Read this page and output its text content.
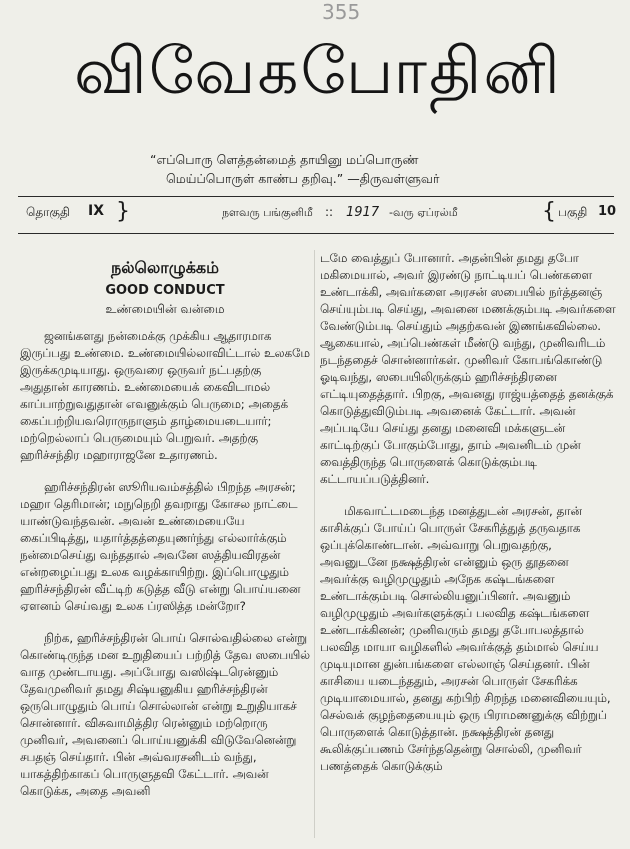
355
விவேகபோதினி
“எப்பொரு ளெத்தன்மைத் தாயினு மப்பொருண்
மெய்ப்பொருள் காண்ப தறிவு.” —திருவள்ளுவர்
தொகுதி IX }	நளவரு பங்குனிமீ :: 1917 -வரு ஏப்ரல்மீ	{ பகுதி 10
நல்லொழுக்கம்
GOOD CONDUCT
உண்மையின் வன்மை

ஜனங்களது நன்மைக்கு முக்கிய ஆதாரமாக இருப்பது உண்மை. உண்மையில்லாவிட்டால் உலகமே இருக்கமுடியாது. ஒருவரை ஒருவர் நட்பதற்கு அதுதான் காரணம். உண்மையைக் கைவிடாமல் காப்பாற்றுவதுதான் எவனுக்கும் பெருமை; அதைக் கைப்பற்றியவரொருநாளும் தாழ்மையடையார்; மற்றெல்லாப் பெருமையும் பெறுவர். அதற்கு ஹரிச்சந்திர மஹாராஜனே உதாரணம்.

ஹரிச்சந்திரன் ஸூரியவம்சத்தில் பிறந்த அரசன்; மஹா தெரிமான்; மநுநெறி தவறாது கோசல நாட்டை யாண்டுவந்தவன். அவன் உண்மையையே கைப்பிடித்து, யதார்த்தத்தையுணர்ந்து எல்லார்க்கும் நன்மைசெய்து வந்ததால் அவனே ஸத்தியவிரதன் என்றழைப்பது உலக வழக்காயிற்று. இப்பொழுதும் ஹரிச்சந்திரன் வீட்டிற் கடுத்த வீடு என்று பொய்யனை ஏளனம் செய்வது உலக ப்ரஸித்த மன்றோ?

நிற்க, ஹரிச்சந்திரன் பொய் சொல்வதில்லை என்று கொண்டிருந்த மன உறுதியைப் பற்றித் தேவ ஸபையில் வாத முண்டாயது. அப்போது வஸிஷ்டரென்னும் தேவமுனிவர் தமது சிஷ்யனுகிய ஹரிச்சந்திரன் ஒருபொழுதும் பொய் சொல்லான் என்று உறுதியாகச் சொன்னார். விசுவாமித்திர ரென்னும் மற்றொரு முனிவர், அவனைப் பொய்யனுக்கி விடுவேனென்று சபதஞ் செய்தார். பின் அவ்வரசனிடம் வந்து, யாகத்திற்காகப் பொருளுதவி கேட்டார். அவன் கொடுக்க, அதை அவனி

டமே வைத்துப் போனார். அதன்பின் தமது தபோ மகிமையால், அவர் இரண்டு நாட்டியப் பெண்களை உண்டாக்கி, அவர்களை அரசன் ஸபையில் நர்த்தனஞ் செய்யும்படி செய்து, அவனை மணக்கும்படி அவர்களை வேண்டும்படி செய்தும் அதற்கவன் இணங்கவில்லை. ஆகையால், அப்பெண்கள் மீண்டு வந்து, முனிவரிடம் நடந்ததைச் சொன்னார்கள். முனிவர் கோபங்கொண்டு ஓடிவந்து, ஸபையிலிருக்கும் ஹரிச்சந்திரனை எட்டியுதைத்தார். பிறகு, அவனது ராஜ்யத்தைத் தனக்குக் கொடுத்துவிடும்படி அவனைக் கேட்டார். அவன் அப்படியே செய்து தனது மனைவி மக்களுடன் காட்டிற்குப் போகும்போது, தாம் அவனிடம் முன் வைத்திருந்த பொருளைக் கொடுக்கும்படி கட்டாயப்படுத்தினர்.

மிகவாட்டமடைந்த மனத்துடன் அரசன், தான் காசிக்குப் போய்ப் பொருள் சேகரித்துத் தருவதாக ஒப்புக்கொண்டான். அவ்வாறு பெறுவதற்கு, அவனுடனே நக்ஷத்திரன் என்னும் ஒரு தூதனை அவர்க்கு வழிமுழுதும் அநேக கஷ்டங்களை உண்டாக்கும்படி சொல்லியனுப்பினர். அவனும் வழிமுழுதும் அவர்களுக்குப் பலவித கஷ்டங்களை உண்டாக்கினன்; முனிவரும் தமது தபோபலத்தால் பலவித மாயா வழிகளில் அவர்க்குத் தம்மால் செய்ய முடியுமான துன்பங்களை எல்லாஞ் செய்தனர். பின் காசியை யடைந்ததும், அரசன் பொருள் சேகரிக்க முடியாமையால், தனது கற்பிற் சிறந்த மனைவியையும், செல்வக் குழந்தையையும் ஒரு பிராமணனுக்கு விற்றுப் பொருளைக் கொடுத்தான். நக்ஷத்திரன் தனது கூலிக்குப்பணம் சேர்ந்ததென்று சொல்லி, முனிவர் பணத்தைக் கொடுக்கும்
